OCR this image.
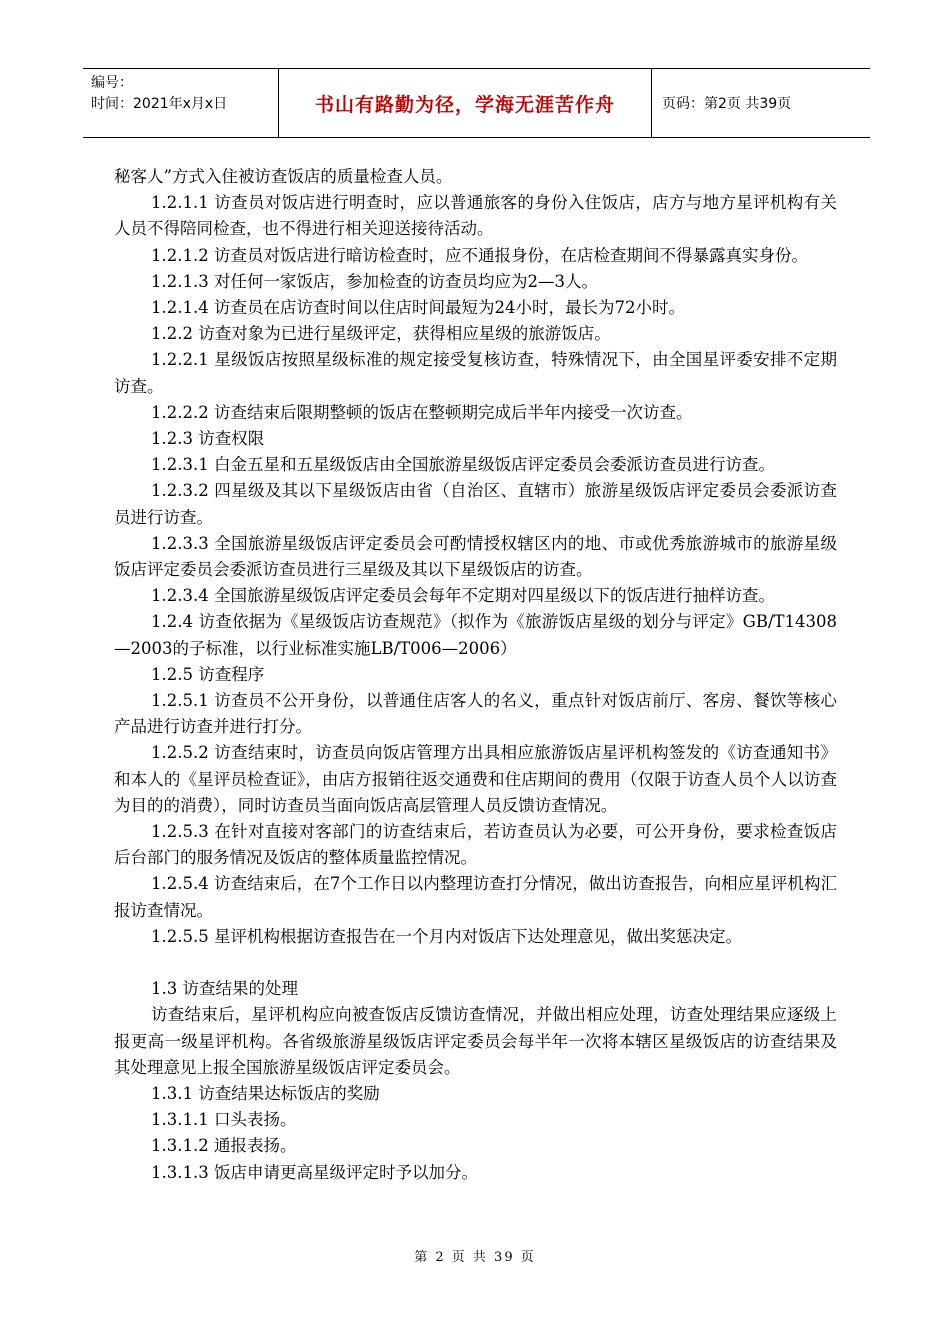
编号：
时间：2021年x月x日	书山有路勤为径，学海无涯苦作舟	页码：第2页 共39页

秘客人”方式入住被访查饭店的质量检查人员。

1.2.1.1 访查员对饭店进行明查时，应以普通旅客的身份入住饭店，店方与地方星评机构有关人员不得陪同检查，也不得进行相关迎送接待活动。

1.2.1.2 访查员对饭店进行暗访检查时，应不通报身份，在店检查期间不得暴露真实身份。

1.2.1.3 对任何一家饭店，参加检查的访查员均应为2—3人。

1.2.1.4 访查员在店访查时间以住店时间最短为24小时，最长为72小时。

1.2.2 访查对象为已进行星级评定，获得相应星级的旅游饭店。

1.2.2.1 星级饭店按照星级标准的规定接受复核访查，特殊情况下，由全国星评委安排不定期访查。

1.2.2.2 访查结束后限期整顿的饭店在整顿期完成后半年内接受一次访查。

1.2.3 访查权限

1.2.3.1 白金五星和五星级饭店由全国旅游星级饭店评定委员会委派访查员进行访查。

1.2.3.2 四星级及其以下星级饭店由省（自治区、直辖市）旅游星级饭店评定委员会委派访查员进行访查。

1.2.3.3 全国旅游星级饭店评定委员会可酌情授权辖区内的地、市或优秀旅游城市的旅游星级饭店评定委员会委派访查员进行三星级及其以下星级饭店的访查。

1.2.3.4 全国旅游星级饭店评定委员会每年不定期对四星级以下的饭店进行抽样访查。

1.2.4 访查依据为《星级饭店访查规范》（拟作为《旅游饭店星级的划分与评定》GB/T14308—2003的子标准，以行业标准实施LB/T006—2006）

1.2.5 访查程序

1.2.5.1 访查员不公开身份，以普通住店客人的名义，重点针对饭店前厅、客房、餐饮等核心产品进行访查并进行打分。

1.2.5.2 访查结束时，访查员向饭店管理方出具相应旅游饭店星评机构签发的《访查通知书》和本人的《星评员检查证》，由店方报销往返交通费和住店期间的费用（仅限于访查人员个人以访查为目的的消费），同时访查员当面向饭店高层管理人员反馈访查情况。

1.2.5.3 在针对直接对客部门的访查结束后，若访查员认为必要，可公开身份，要求检查饭店后台部门的服务情况及饭店的整体质量监控情况。

1.2.5.4 访查结束后，在7个工作日以内整理访查打分情况，做出访查报告，向相应星评机构汇报访查情况。

1.2.5.5 星评机构根据访查报告在一个月内对饭店下达处理意见，做出奖惩决定。

1.3 访查结果的处理

访查结束后，星评机构应向被查饭店反馈访查情况，并做出相应处理，访查处理结果应逐级上报更高一级星评机构。各省级旅游星级饭店评定委员会每半年一次将本辖区星级饭店的访查结果及其处理意见上报全国旅游星级饭店评定委员会。

1.3.1 访查结果达标饭店的奖励

1.3.1.1 口头表扬。

1.3.1.2 通报表扬。

1.3.1.3 饭店申请更高星级评定时予以加分。

第 2 页 共 39 页
